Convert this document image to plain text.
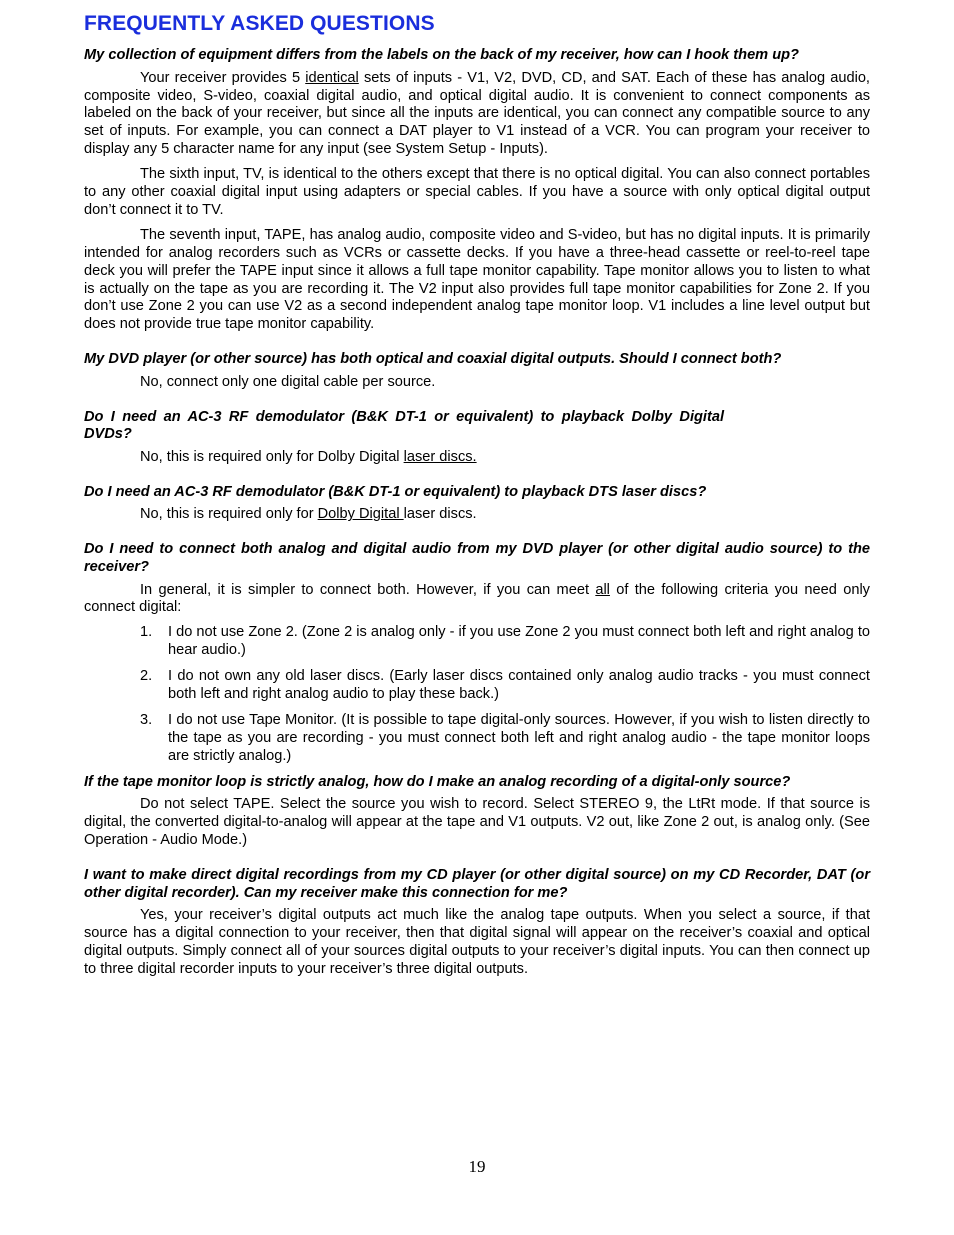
FREQUENTLY ASKED QUESTIONS
My collection of equipment differs from the labels on the back of my receiver, how can I hook them up?
Your receiver provides 5 identical sets of inputs - V1, V2, DVD, CD, and SAT. Each of these has analog audio, composite video, S-video, coaxial digital audio, and optical digital audio. It is convenient to connect components as labeled on the back of your receiver, but since all the inputs are identical, you can connect any compatible source to any set of inputs. For example, you can connect a DAT player to V1 instead of a VCR. You can program your receiver to display any 5 character name for any input (see System Setup - Inputs).
The sixth input, TV, is identical to the others except that there is no optical digital. You can also connect portables to any other coaxial digital input using adapters or special cables. If you have a source with only optical digital output don’t connect it to TV.
The seventh input, TAPE, has analog audio, composite video and S-video, but has no digital inputs. It is primarily intended for analog recorders such as VCRs or cassette decks. If you have a three-head cassette or reel-to-reel tape deck you will prefer the TAPE input since it allows a full tape monitor capability. Tape monitor allows you to listen to what is actually on the tape as you are recording it. The V2 input also provides full tape monitor capabilities for Zone 2. If you don’t use Zone 2 you can use V2 as a second independent analog tape monitor loop. V1 includes a line level output but does not provide true tape monitor capability.
My DVD player (or other source) has both optical and coaxial digital outputs. Should I connect both?
No, connect only one digital cable per source.
Do I need an AC-3 RF demodulator (B&K DT-1 or equivalent) to playback Dolby Digital DVDs?
No, this is required only for Dolby Digital laser discs.
Do I need an AC-3 RF demodulator (B&K DT-1 or equivalent) to playback DTS laser discs?
No, this is required only for Dolby Digital laser discs.
Do I need to connect both analog and digital audio from my DVD player (or other digital audio source) to the receiver?
In general, it is simpler to connect both. However, if you can meet all of the following criteria you need only connect digital:
1. I do not use Zone 2. (Zone 2 is analog only - if you use Zone 2 you must connect both left and right analog to hear audio.)
2. I do not own any old laser discs. (Early laser discs contained only analog audio tracks - you must connect both left and right analog audio to play these back.)
3. I do not use Tape Monitor. (It is possible to tape digital-only sources. However, if you wish to listen directly to the tape as you are recording - you must connect both left and right analog audio - the tape monitor loops are strictly analog.)
If the tape monitor loop is strictly analog, how do I make an analog recording of a digital-only source?
Do not select TAPE. Select the source you wish to record. Select STEREO 9, the LtRt mode. If that source is digital, the converted digital-to-analog will appear at the tape and V1 outputs. V2 out, like Zone 2 out, is analog only. (See Operation - Audio Mode.)
I want to make direct digital recordings from my CD player (or other digital source) on my CD Recorder, DAT (or other digital recorder). Can my receiver make this connection for me?
Yes, your receiver’s digital outputs act much like the analog tape outputs. When you select a source, if that source has a digital connection to your receiver, then that digital signal will appear on the receiver’s coaxial and optical digital outputs. Simply connect all of your sources digital outputs to your receiver’s digital inputs. You can then connect up to three digital recorder inputs to your receiver’s three digital outputs.
19
